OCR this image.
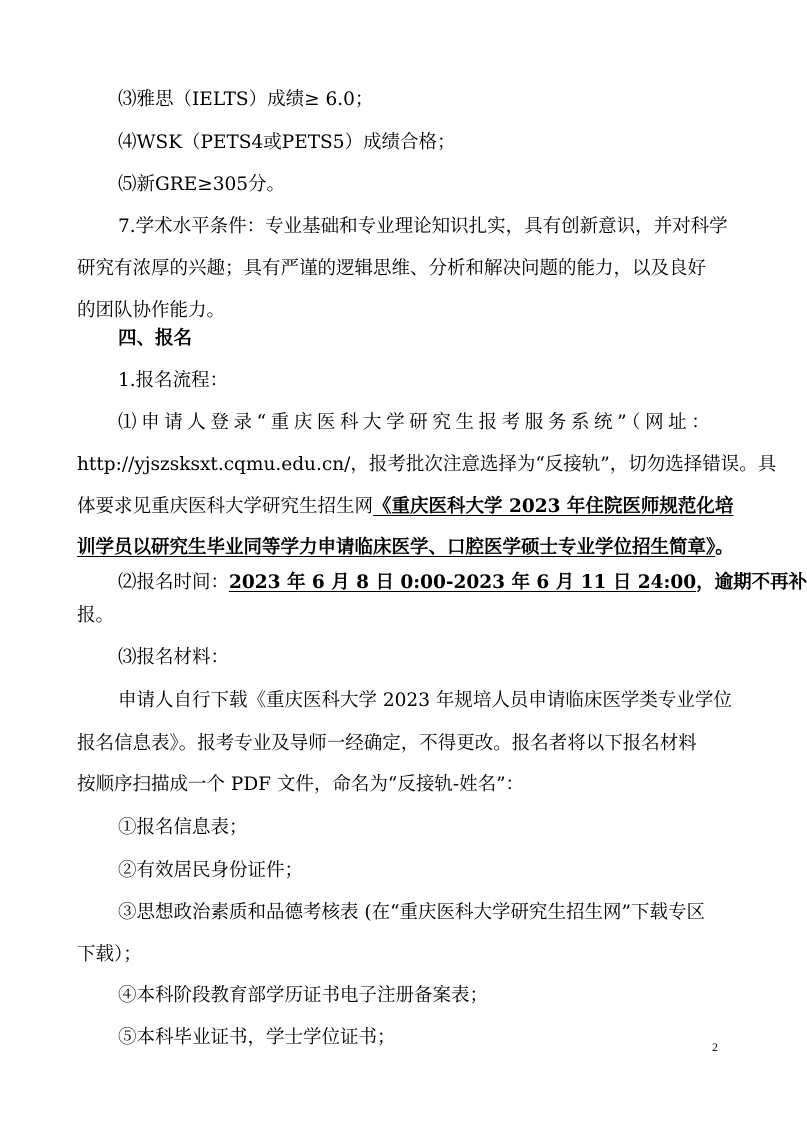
⑶雅思（IELTS）成绩≥ 6.0；
⑷WSK（PETS4或PETS5）成绩合格；
⑸新GRE≥305分。
7.学术水平条件：专业基础和专业理论知识扎实，具有创新意识，并对科学
研究有浓厚的兴趣；具有严谨的逻辑思维、分析和解决问题的能力，以及良好
的团队协作能力。
四、报名
1.报名流程：
⑴申请人登录“重庆医科大学研究生报考服务系统”（网址：
http://yjszsksxt.cqmu.edu.cn/，报考批次注意选择为“反接轨”，切勿选择错误。具
体要求见重庆医科大学研究生招生网《重庆医科大学 2023 年住院医师规范化培
训学员以研究生毕业同等学力申请临床医学、口腔医学硕士专业学位招生简章》。
⑵报名时间：2023 年 6 月 8 日 0:00-2023 年 6 月 11 日 24:00，逾期不再补
报。
⑶报名材料：
申请人自行下载《重庆医科大学 2023 年规培人员申请临床医学类专业学位
报名信息表》。报考专业及导师一经确定，不得更改。报名者将以下报名材料
按顺序扫描成一个 PDF 文件，命名为“反接轨-姓名”：
①报名信息表；
②有效居民身份证件；
③思想政治素质和品德考核表 (在“重庆医科大学研究生招生网”下载专区
下载）；
④本科阶段教育部学历证书电子注册备案表；
⑤本科毕业证书，学士学位证书；	2
